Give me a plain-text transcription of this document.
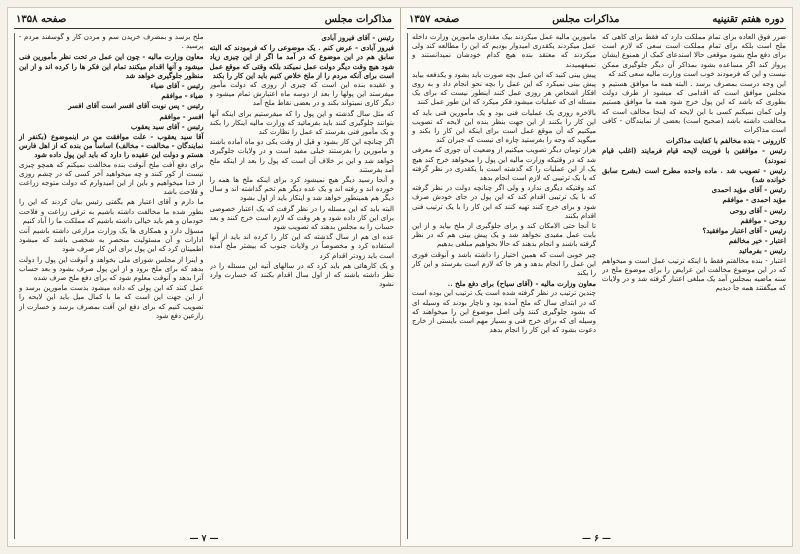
دوره هفتم تقنینیه
مذاکرات مجلس
صفحه ۱۳۵۷

ضرر فوق العاده برای تمام مملکت دارد که فقط برای کاهی که ملح است بلکه برای تمام مملکت است سعی که لازم است برای دفع ملخ بشود موقعی حالا استدعای کمک از همنوع ایشان پرواز کند اگر مساعده بشود بمذاکر آن دیگر جلوگیری ممکن نیست و این که فرمودند خوب است وزارت مالیه سعی کند که

این وجه درست بمصرف برسد . البته همه ما موافق هستیم و مجلس موافق است که اقدامی که میشود از طرف دولت بطوری که باشد که این پول خرج شود همه ما موافق هستیم ولی کمان نمیکنم کسی با این لایحه که اینجا مخالف است که مخالفت داشته باشد (صحیح است) بعضی از نمایندگان - کافی است مذاکرات

کازرونی - بنده مخالفم با کفایت مذاکرات

رئیس - موافقین با فوریت لایحه قیام فرمایند (اغلب قیام نمودند)

رئیس - تصویب شد . ماده واحده مطرح است (بشرح سابق خوانده شد)

رئیس - آقای مؤید احمدی

مؤید احمدی - موافقم

رئیس - آقای روحی

روحی - موافقم

رئیس - آقای اعتبار موافقید؟

اعتبار - خیر مخالفم

رئیس - بفرمائید

اعتبار - بنده مخالفتم فقط با اینکه ترتیب عمل است و میخواهم که در این موضوع مخالفت این عرایض را برای موضوع ملخ در سنه ماضیه بمجلس آمد یک مبلغی اعتبار گرفته شد و در ولایات که میگفتند همه جا دیدیم

مامورین مالیه عمل میکردند بیک مقداری مامورین وزارت داخله عمل میکردند یکقدری امیدوار بودیم که این را مطالعه کند ولی میکردند که معتقد بنده هیچ کدام خودشان نمیدانستند و نمیفهمیدند

پیش بینی کنید که این عمل بچه صورت باید بشود و یکدفعه بیاید پیش بینی نمیکرد که این عمل را بچه نحو انجام داد و به روی افکار اشخاص هر روزی عمل کنند اینطور نیست که برای یک مسئله ای که عملیات میشود فکر میکرد که این طور عمل کنند

بالاخره روزی یک عملیات فنی بود و یک مأمورین فنی باید که این کار را بکنند از این جهت بنظر بنده این لایحه که تصویب میکنیم که آن موقع عمل است برای اینکه این کار را بکند و میگوید که وجه را بفرستید چاره ای نیست که جبران کند

هزار تومان دیگر تصویب میکنیم از وضعیت آن جوری که معرفی شد که در وقتیکه وزارت مالیه این پول را میخواهد خرج کند هیچ یک از این عملیات را که گذشته است با یکقدری در نظر گرفته که با یک ترتیبی که لازم است انجام بدهد

کند وقتیکه دیگری ندارد و ولی اگر چنانچه دولت در نظر گرفته که با یک ترتیبی اقدام کند که این پول در جای خودش صرف شود و برای خرج کنند تهیه کنند که این کار را با یک ترتیب فنی اقدام بکنند

تا آنجا حتی الامکان کند و برای جلوگیری از ملخ بیاید و از این بابت عمل مفیدی نخواهد شد و یک پیش بینی هم که در نظر گرفته باشند و انجام بدهند که حالا بخواهیم مبلغی بدهیم

چیز خوبی است که همین اختیار را داشته باشد و آنوقت فوری این عمل را انجام بدهد و هر جا که لازم است بفرستد و این کار را بکند

معاون وزارت مالیه - (آقای سیاح) برای دفع ملخ ..

چندین ترتیب در نظر گرفته شده است یک ترتیب این بوده است که در ابتدای سال که ملخ آمده بود و ناچار بودند که وسیله ای که بشود جلوگیری کنند ولی اصل موضوع این را میخواهند که وسیله ای که برای خرج فنی و بسیار مهم است بایستی از خارج دعوت بشود که این کار را انجام بدهد

— ۶ —
مذاکرات مجلس
صفحه ۱۳۵۸

رئیس - آقای فیروز آبادی

فیروز آبادی - عرض کنم . یک موضوعی را که فرمودند که البته سابق هم در این موضوع که در آمد ما اگر از این چیزی زیاد شود هیچ وقت دیگر دولت عمل نمیکند بلکه وقتی که موقع عمل است برای آنکه مردم را از ملخ خلاص کنیم باید این کار را بکند

و عقیده بنده این است که چیزی از روزی که دولت مأمور میفرستد این پولها را بعد از دوسه ماه اعتبارش تمام میشود و دیگر کاری نمیتواند بکند و در بعضی نقاط ملخ آمد

که مثل سال گذشته و این پول را که میفرستیم برای اینکه آنها بتوانند جلوگیری کنند باید بفرمائید که وزارت مالیه اینکار را بکند و یک مأمور فنی بفرستد که عمل را نظارت کند

اگر چنانچه این کار بشود و قبل از وقت یکی دو ماه آماده باشند و مامورین را بفرستند خیلی مفید است و در ولایات جلوگیری خواهد شد و این بر خلاف آن است که پول را بعد از اینکه ملخ آمد بفرستند

و آنجا رسید دیگر هیچ نمیشود کرد برای اینکه ملخ ها همه را خورده اند و رفته اند و یک عده دیگر هم تخم گذاشته اند و سال دیگر هم همینطور خواهد شد و اینکار باید از اول بشود

البته باید که این مسئله را در نظر گرفت که یک اعتبار خصوصی برای این کار داده شود و هر وقت که لازم است خرج کنند و بعد حساب را به مجلس بدهند که تصویب شود

عده ای هم از سال گذشته که این کار را کرده اند باید از آنها استفاده کرد و مخصوصاً در ولایات جنوب که بیشتر ملخ آمده است باید زودتر اقدام کرد

و یک کارهائی هم باید کرد که در سالهای آتیه این مسئله را در نظر داشته باشند که از اول سال اقدام بکنند که خسارت وارد نشود

ملخ برسد و بمصرف خریدن سم و مردن کار و گوسفند مردم - پرسید .

معاون وزارت مالیه - چون این عمل در تحت نظر مأمورین فنی میشود و آنها اقدام میکنند تمام این فکر ها را کرده اند و از این منظور جلوگیری خواهد شد

رئیس - آقای ضیاء

ضیاء - موافقم

رئیس - پس نوبت آقای افسر است آقای افسر

افسر - موافقم

رئیس - آقای سید یعقوب

آقا سید یعقوب - علت موافقت من در اینموضوع (بکنفر از نمایندگان - مخالفت - مخالف) اساساً من بنده که از اهل فارس هستم و دولت این عقیده را دارد که باید این پول داده شود

برای دفع آفت ملخ آنوقت بنده مخالفت نمیکنم که همچو چیزی نیست از کور کنند و چه میخواهید آخر کسی که در چشم روزی از خدا میخواهیم و باین از این امیدوارم که دولت متوجه زراعت و فلاحت باشد

ما دارم و آقای اعتبار هم بگفتی رئیس بیان کردند که این را بطور شده ما مخالفت داشته باشیم به ترقی زراعت و فلاحت خودمان و هم باید خیالی داشته باشیم که مملکت ما را آباد کنیم

مسؤل دارد و همکاری ها یک وزارت مزارعی داشته باشیم آنت ادارات و آن مسئولیت منحصر به شخصی باشد که میشود اطمینان کرد که این پول برای این کار صرف شود

و اینرا از مجلس شورای ملی بخواهد و آنوقت این پول را دولت بدهد که برای ملخ برود و از این پول صرف بشود و بعد حساب آنرا بدهد و آنوقت معلوم شود که برای دفع ملخ صرف شده

عمل کنند که این پولی که داده میشود بدست مامورین برسد و از این جهت این است که ما با کمال میل باید این لایحه را تصویب کنیم که برای دفع این آفت بمصرف برسد و خسارت از زارعین دفع شود

— ۷ —
